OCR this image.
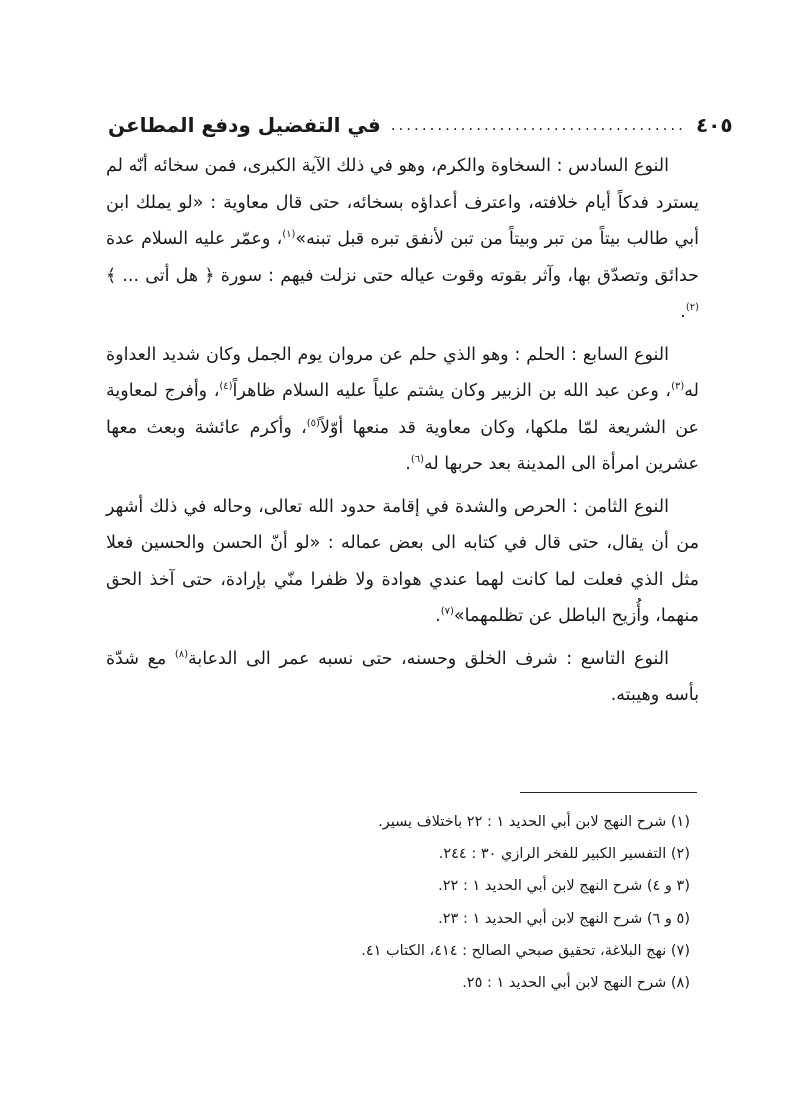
في التفضيل ودفع المطاعن ...................................... ٤٠٥

النوع السادس : السخاوة والكرم، وهو في ذلك الآية الكبرى، فمن سخائه أنّه لم يسترد فدكاً أيام خلافته، واعترف أعداؤه بسخائه، حتى قال معاوية : «لو يملك ابن أبي طالب بيتاً من تبر وبيتاً من تبن لأنفق تبره قبل تبنه»$^{(١)}$، وعمّر عليه السلام عدة حدائق وتصدّق بها، وآثر بقوته وقوت عياله حتى نزلت فيهم : سورة ﴿ هل أتى ... ﴾$^{(٢)}$.

النوع السابع : الحلم : وهو الذي حلم عن مروان يوم الجمل وكان شديد العداوة له$^{(٣)}$، وعن عبد الله بن الزبير وكان يشتم علياً عليه السلام ظاهراً$^{(٤)}$، وأفرج لمعاوية عن الشريعة لمّا ملكها، وكان معاوية قد منعها أوّلاً$^{(٥)}$، وأكرم عائشة وبعث معها عشرين امرأة الى المدينة بعد حربها له$^{(٦)}$.

النوع الثامن : الحرص والشدة في إقامة حدود الله تعالى، وحاله في ذلك أشهر من أن يقال، حتى قال في كتابه الى بعض عماله : «لو أنّ الحسن والحسين فعلا مثل الذي فعلت لما كانت لهما عندي هوادة ولا ظفرا منّي بإرادة، حتى آخذ الحق منهما، وأُزيح الباطل عن تظلمهما»$^{(٧)}$.

النوع التاسع : شرف الخلق وحسنه، حتى نسبه عمر الى الدعابة$^{(٨)}$ مع شدّة بأسه وهيبته.

(١) شرح النهج لابن أبي الحديد ١ : ٢٢ باختلاف يسير.
(٢) التفسير الكبير للفخر الرازي ٣٠ : ٢٤٤.
(٣ و ٤) شرح النهج لابن أبي الحديد ١ : ٢٢.
(٥ و ٦) شرح النهج لابن أبي الحديد ١ : ٢٣.
(٧) نهج البلاغة، تحقيق صبحي الصالح : ٤١٤، الكتاب ٤١.
(٨) شرح النهج لابن أبي الحديد ١ : ٢٥.
